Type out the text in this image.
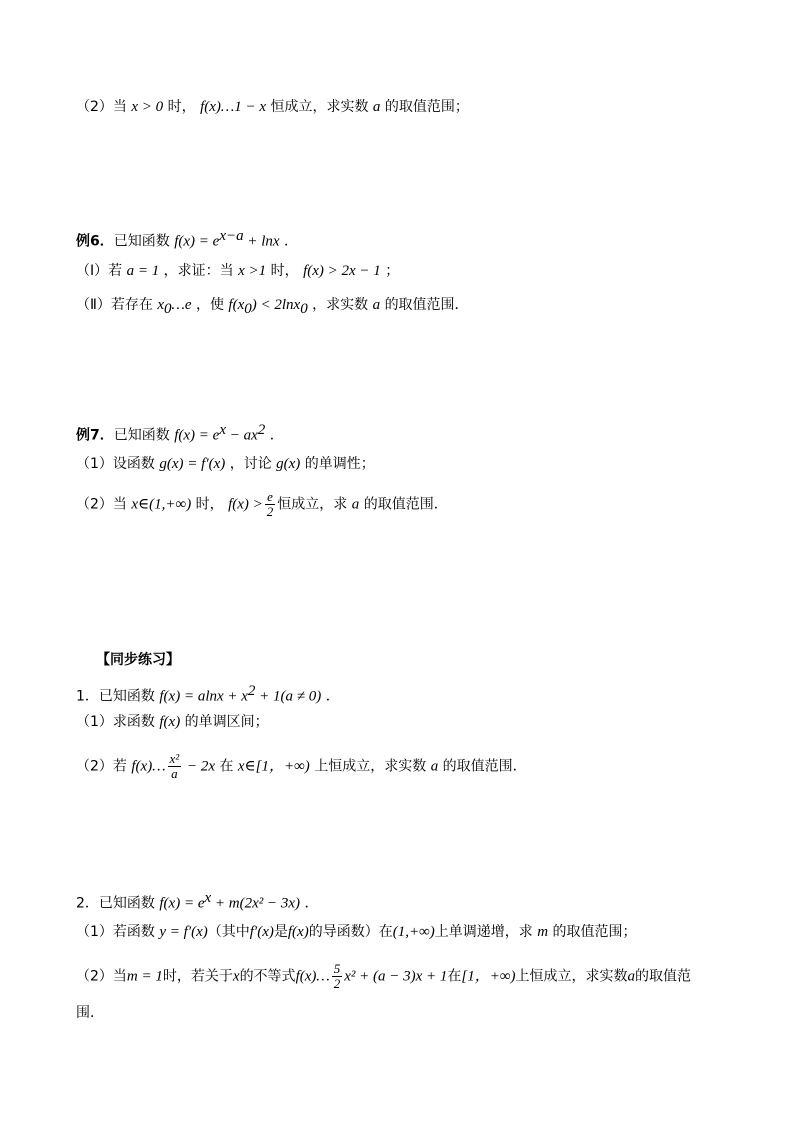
（2）当 x > 0 时， f(x)…1 − x 恒成立，求实数 a 的取值范围；
例6．已知函数 $f(x) = e^{x-a} + \ln x$ ．
（Ⅰ）若 a = 1 ，求证：当 x >1 时， f(x) > 2x − 1 ；
（Ⅱ）若存在 $x_0\dots e$ ，使 $f(x_0) < 2\ln x_0$ ，求实数 a 的取值范围．
例7．已知函数 $f(x) = e^x - ax^2$ ．
（1）设函数 g(x) = f′(x) ，讨论 g(x) 的单调性；
（2）当 x∈(1,+∞) 时， $f(x) > \frac{e}{2}$ 恒成立，求 a 的取值范围．
【同步练习】
1．已知函数 $f(x) = alnx + x^2 + 1(a \ne 0)$ ．
（1）求函数 f(x) 的单调区间；
（2）若 f(x)… $\frac{\text{x²}}{a} - 2x$ 在 x∈[1，+∞) 上恒成立，求实数 a 的取值范围．
2．已知函数 $f(x) = e^x + m(2x^2 - 3x)$ ．
（1）若函数 y = f′(x)（其中f′(x)是f(x)的导函数）在(1,+∞)上单调递增，求 m 的取值范围；
（2）当m = 1时，若关于x的不等式f(x)… $\frac{5}{2} x^2 + (a - 3)x + 1$在[1，+∞)上恒成立，求实数a的取值范
围．
